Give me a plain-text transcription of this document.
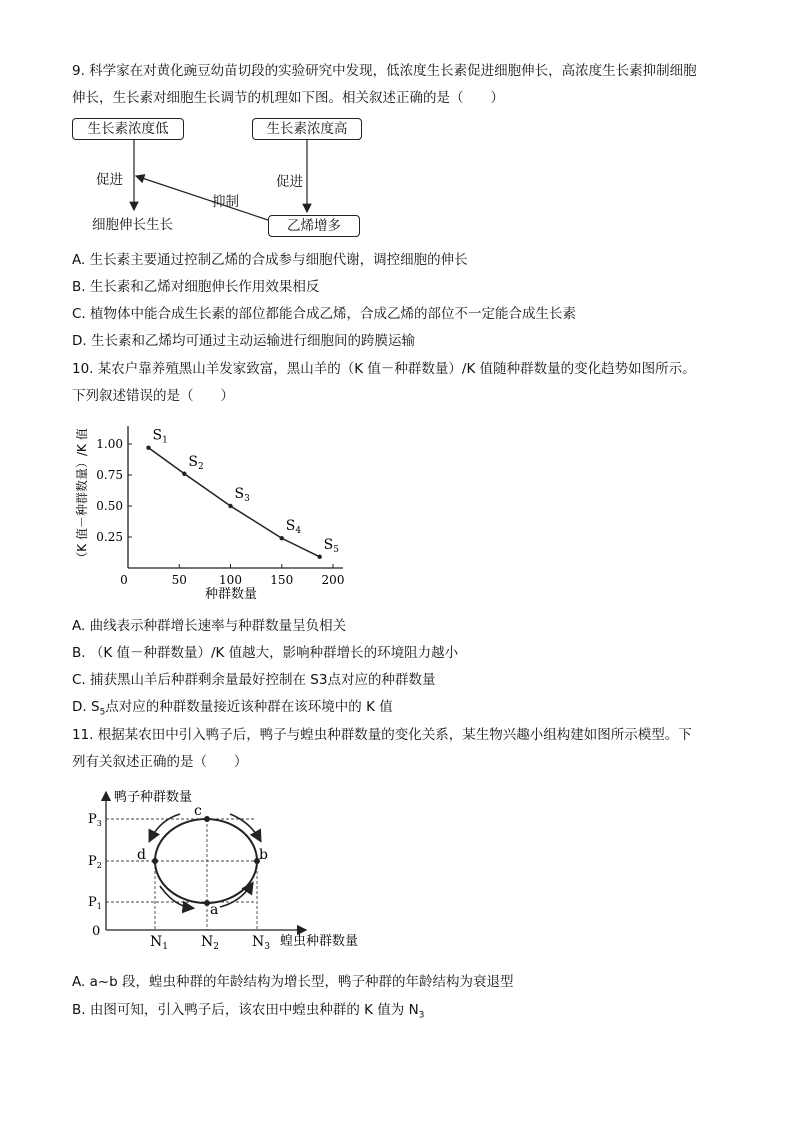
9. 科学家在对黄化豌豆幼苗切段的实验研究中发现，低浓度生长素促进细胞伸长，高浓度生长素抑制细胞
伸长，生长素对细胞生长调节的机理如下图。相关叙述正确的是（　　）
生长素浓度低	生长素浓度高
乙烯增多
促进	促进
抑制
细胞伸长生长
A. 生长素主要通过控制乙烯的合成参与细胞代谢，调控细胞的伸长
B. 生长素和乙烯对细胞伸长作用效果相反
C. 植物体中能合成生长素的部位都能合成乙烯，合成乙烯的部位不一定能合成生长素
D. 生长素和乙烯均可通过主动运输进行细胞间的跨膜运输
10. 某农户靠养殖黑山羊发家致富，黑山羊的（K 值－种群数量）/K 值随种群数量的变化趋势如图所示。
下列叙述错误的是（　　）
1.00
0.75
0.50
0.25
0	50	100 150 200
$S_1$
$S_2$
$S_3$
$S_4$
$S_5$
种群数量
（K 值－种群数量）/K 值
A. 曲线表示种群增长速率与种群数量呈负相关
B. （K 值－种群数量）/K 值越大，影响种群增长的环境阻力越小
C. 捕获黑山羊后种群剩余量最好控制在 S3点对应的种群数量
D. $S_5$点对应的种群数量接近该种群在该环境中的 K 值
11. 根据某农田中引入鸭子后，鸭子与蝗虫种群数量的变化关系，某生物兴趣小组构建如图所示模型。下
列有关叙述正确的是（　　）
a
b
c
d
鸭子种群数量
蝗虫种群数量
0
$P_3$
$P_2$
$P_1$
$N_1$ $N_2$ $N_3$
A. a~b 段，蝗虫种群的年龄结构为增长型，鸭子种群的年龄结构为衰退型
B. 由图可知，引入鸭子后，该农田中蝗虫种群的 K 值为 $N_3$
